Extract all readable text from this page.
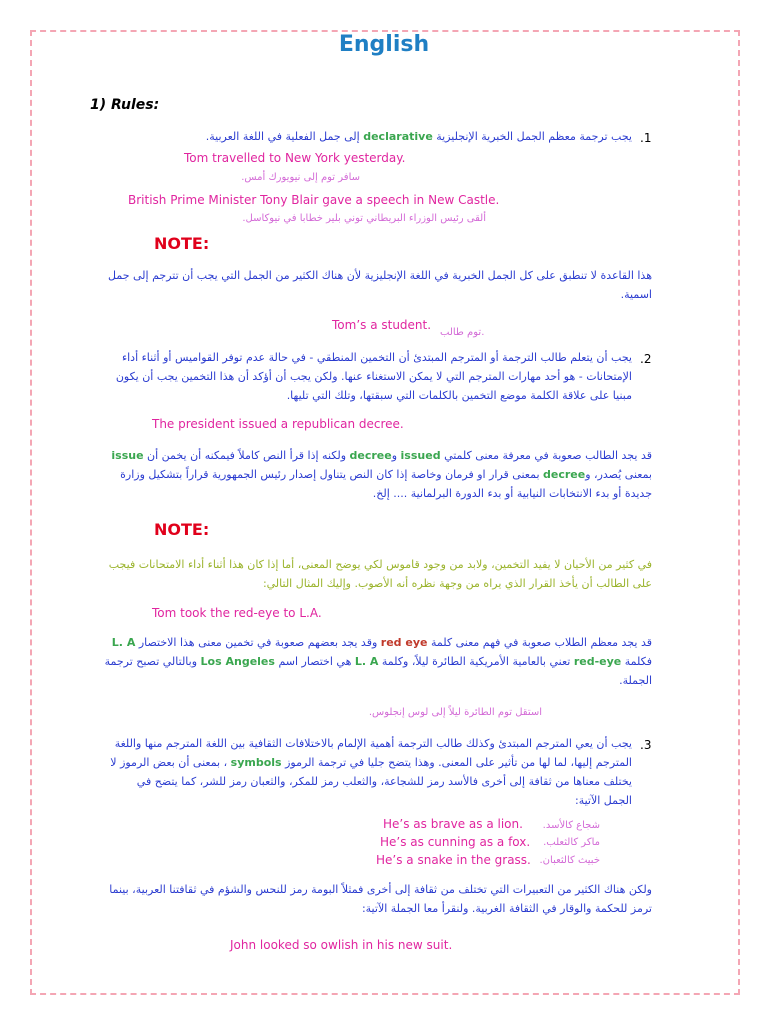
English
1) Rules:
.1
يجب ترجمة معظم الجمل الخبرية الإنجليزية declarative إلى جمل الفعلية في اللغة العربية.
Tom travelled to New York yesterday.
سافر توم إلى نيويورك أمس.
British Prime Minister Tony Blair gave a speech in New Castle.
ألقى رئيس الوزراء البريطاني توني بلير خطابا في نيوكاسل.
NOTE:
هذا القاعدة لا تنطبق على كل الجمل الخبرية في اللغة الإنجليزية لأن هناك الكثير من الجمل التي يجب أن تترجم إلى جمل اسمية.
Tom’s a student.
توم طالب.
.2
يجب أن يتعلم طالب الترجمة أو المترجم المبتدئ أن التخمين المنطقي - في حالة عدم توفر القواميس أو أثناء أداء الإمتحانات - هو أحد مهارات المترجم التي لا يمكن الاستغناء عنها. ولكن يجب أن أؤكد أن هذا التخمين يجب أن يكون مبنيا على علاقة الكلمة موضع التخمين بالكلمات التي سبقتها، وتلك التي تليها.
The president issued a republican decree.
قد يجد الطالب صعوبة في معرفة معنى كلمتي issued وdecree ولكنه إذا قرأ النص كاملاً فيمكنه أن يخمن أن issue بمعنى يُصدر، وdecree بمعنى قرار او فرمان وخاصة إذا كان النص يتناول إصدار رئيس الجمهورية قراراً بتشكيل وزارة جديدة أو بدء الانتخابات النيابية أو بدء الدورة البرلمانية .... إلخ.
NOTE:
في كثير من الأحيان لا يفيد التخمين، ولابد من وجود قاموس لكي يوضح المعنى، أما إذا كان هذا أثناء أداء الامتحانات فيجب على الطالب أن يأخذ القرار الذي يراه من وجهة نظره أنه الأصوب. وإليك المثال التالي:
Tom took the red-eye to L.A.
قد يجد معظم الطلاب صعوبة في فهم معنى كلمة red eye وقد يجد بعضهم صعوبة في تخمين معنى هذا الاختصار L. A فكلمة red-eye تعني بالعامية الأمريكية الطائرة ليلاً، وكلمة L. A هي اختصار اسم Los Angeles وبالتالي تصبح ترجمة الجملة.
استقل توم الطائرة ليلاً إلى لوس إنجلوس.
.3
يجب أن يعي المترجم المبتدئ وكذلك طالب الترجمة أهمية الإلمام بالاختلافات الثقافية بين اللغة المترجم منها واللغة المترجم إليها، لما لها من تأثير على المعنى. وهذا يتضح جليا في ترجمة الرموز symbols ، بمعنى أن بعض الرموز لا يختلف معناها من ثقافة إلى أخرى فالأسد رمز للشجاعة، والثعلب رمز للمكر، والثعبان رمز للشر، كما يتضح في الجمل الآتية:
He’s as brave as a lion.	شجاع كالأسد.
He’s as cunning as a fox.	ماكر كالثعلب.
He’s a snake in the grass. خبيث كالثعبان.
ولكن هناك الكثير من التعبيرات التي تختلف من ثقافة إلى أخرى فمثلاً البومة رمز للنحس والشؤم في ثقافتنا العربية، بينما ترمز للحكمة والوقار في الثقافة الغربية. ولنقرأ معا الجملة الآتية:
John looked so owlish in his new suit.
